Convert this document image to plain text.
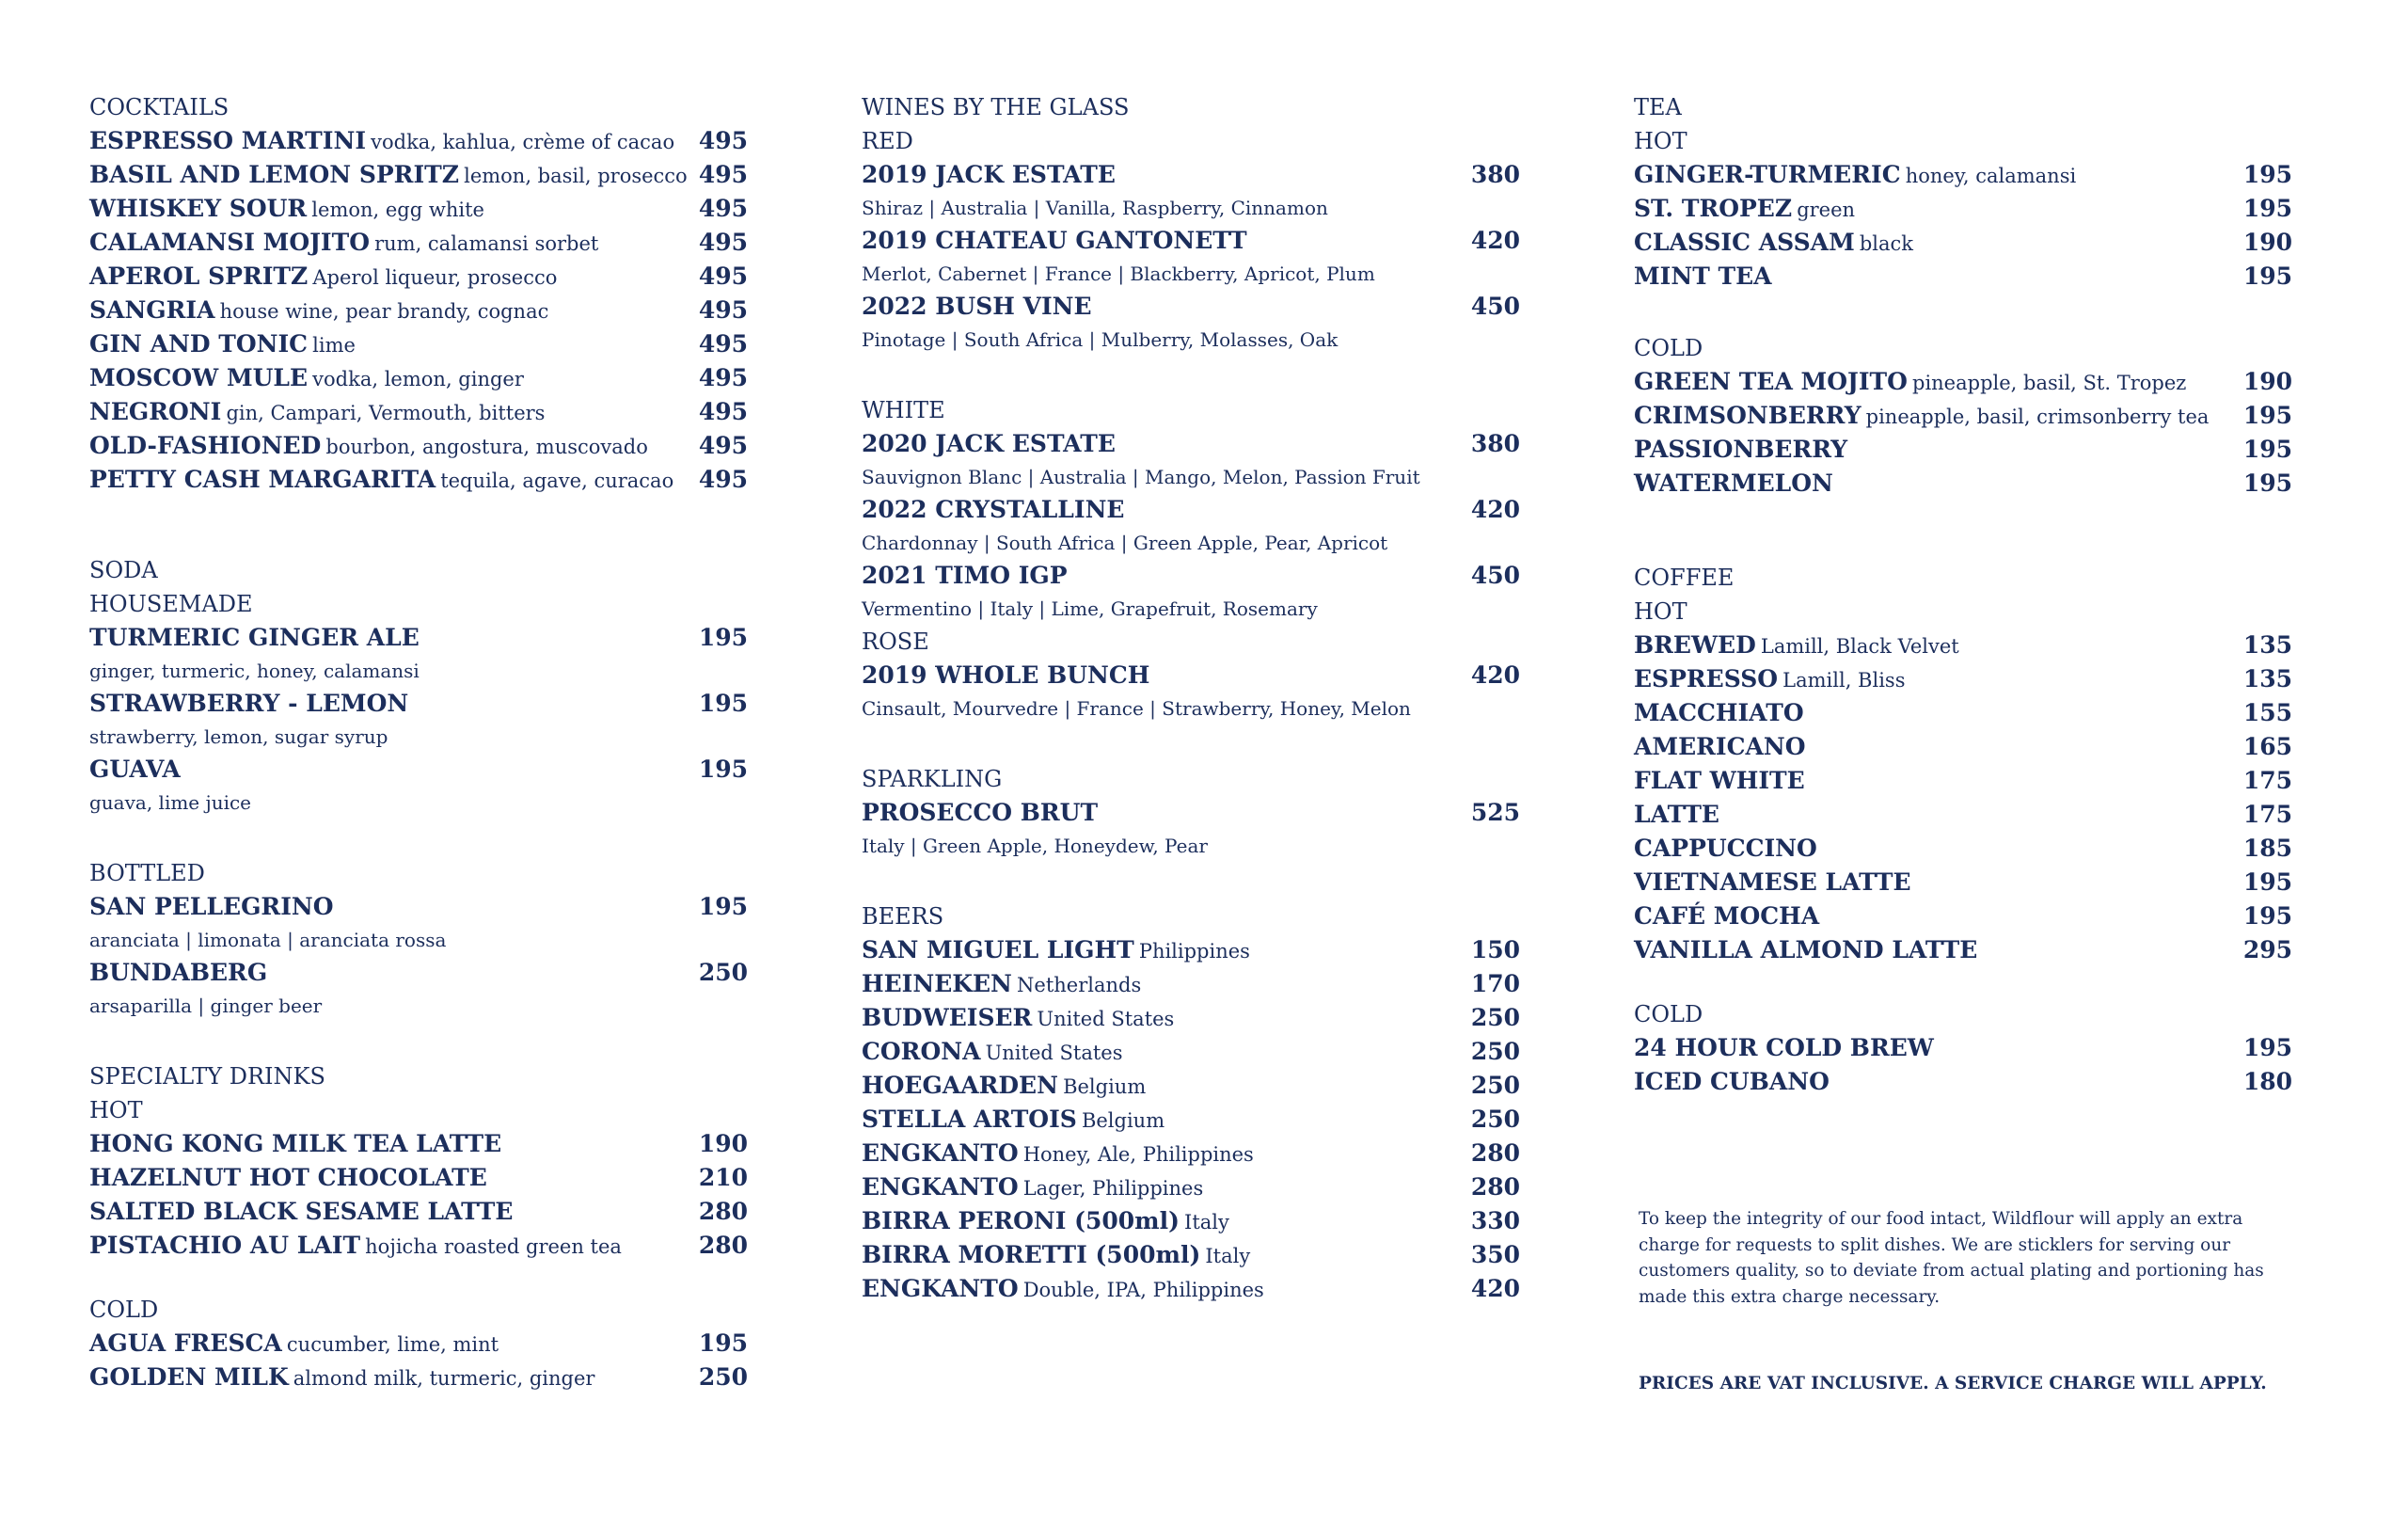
COCKTAILS
ESPRESSO MARTINI vodka, kahlua, crème of cacao	495
BASIL AND LEMON SPRITZ lemon, basil, prosecco 495
WHISKEY SOUR lemon, egg white	495
CALAMANSI MOJITO rum, calamansi sorbet	495
APEROL SPRITZ Aperol liqueur, prosecco	495
SANGRIA house wine, pear brandy, cognac	495
GIN AND TONIC lime	495
MOSCOW MULE vodka, lemon, ginger	495
NEGRONI gin, Campari, Vermouth, bitters	495
OLD-FASHIONED bourbon, angostura, muscovado	495
PETTY CASH MARGARITA tequila, agave, curacao	495
SODA
HOUSEMADE
TURMERIC GINGER ALE	195
ginger, turmeric, honey, calamansi
STRAWBERRY - LEMON	195
strawberry, lemon, sugar syrup
GUAVA	195
guava, lime juice
BOTTLED
SAN PELLEGRINO	195
aranciata | limonata | aranciata rossa
BUNDABERG	250
arsaparilla | ginger beer
SPECIALTY DRINKS
HOT
HONG KONG MILK TEA LATTE	190
HAZELNUT HOT CHOCOLATE	210
SALTED BLACK SESAME LATTE	280
PISTACHIO AU LAIT hojicha roasted green tea	280
COLD
AGUA FRESCA cucumber, lime, mint	195
GOLDEN MILK almond milk, turmeric, ginger	250
WINES BY THE GLASS
RED
2019 JACK ESTATE	380
Shiraz | Australia | Vanilla, Raspberry, Cinnamon
2019 CHATEAU GANTONETT	420
Merlot, Cabernet | France | Blackberry, Apricot, Plum
2022 BUSH VINE	450
Pinotage | South Africa | Mulberry, Molasses, Oak
WHITE
2020 JACK ESTATE	380
Sauvignon Blanc | Australia | Mango, Melon, Passion Fruit
2022 CRYSTALLINE	420
Chardonnay | South Africa | Green Apple, Pear, Apricot
2021 TIMO IGP	450
Vermentino | Italy | Lime, Grapefruit, Rosemary
ROSE
2019 WHOLE BUNCH	420
Cinsault, Mourvedre | France | Strawberry, Honey, Melon
SPARKLING
PROSECCO BRUT	525
Italy | Green Apple, Honeydew, Pear
BEERS
SAN MIGUEL LIGHT Philippines	150
HEINEKEN Netherlands	170
BUDWEISER United States	250
CORONA United States	250
HOEGAARDEN Belgium	250
STELLA ARTOIS Belgium	250
ENGKANTO Honey, Ale, Philippines	280
ENGKANTO Lager, Philippines	280
BIRRA PERONI (500ml) Italy	330
BIRRA MORETTI (500ml) Italy	350
ENGKANTO Double, IPA, Philippines	420
TEA
HOT
GINGER-TURMERIC honey, calamansi	195
ST. TROPEZ green	195
CLASSIC ASSAM black	190
MINT TEA	195
COLD
GREEN TEA MOJITO pineapple, basil, St. Tropez	190
CRIMSONBERRY pineapple, basil, crimsonberry tea	195
PASSIONBERRY	195
WATERMELON	195
COFFEE
HOT
BREWED Lamill, Black Velvet	135
ESPRESSO Lamill, Bliss	135
MACCHIATO	155
AMERICANO	165
FLAT WHITE	175
LATTE	175
CAPPUCCINO	185
VIETNAMESE LATTE	195
CAFÉ MOCHA	195
VANILLA ALMOND LATTE	295
COLD
24 HOUR COLD BREW	195
ICED CUBANO	180
To keep the integrity of our food intact, Wildflour will apply an extra charge for requests to split dishes. We are sticklers for serving our customers quality, so to deviate from actual plating and portioning has made this extra charge necessary.
PRICES ARE VAT INCLUSIVE. A SERVICE CHARGE WILL APPLY.
